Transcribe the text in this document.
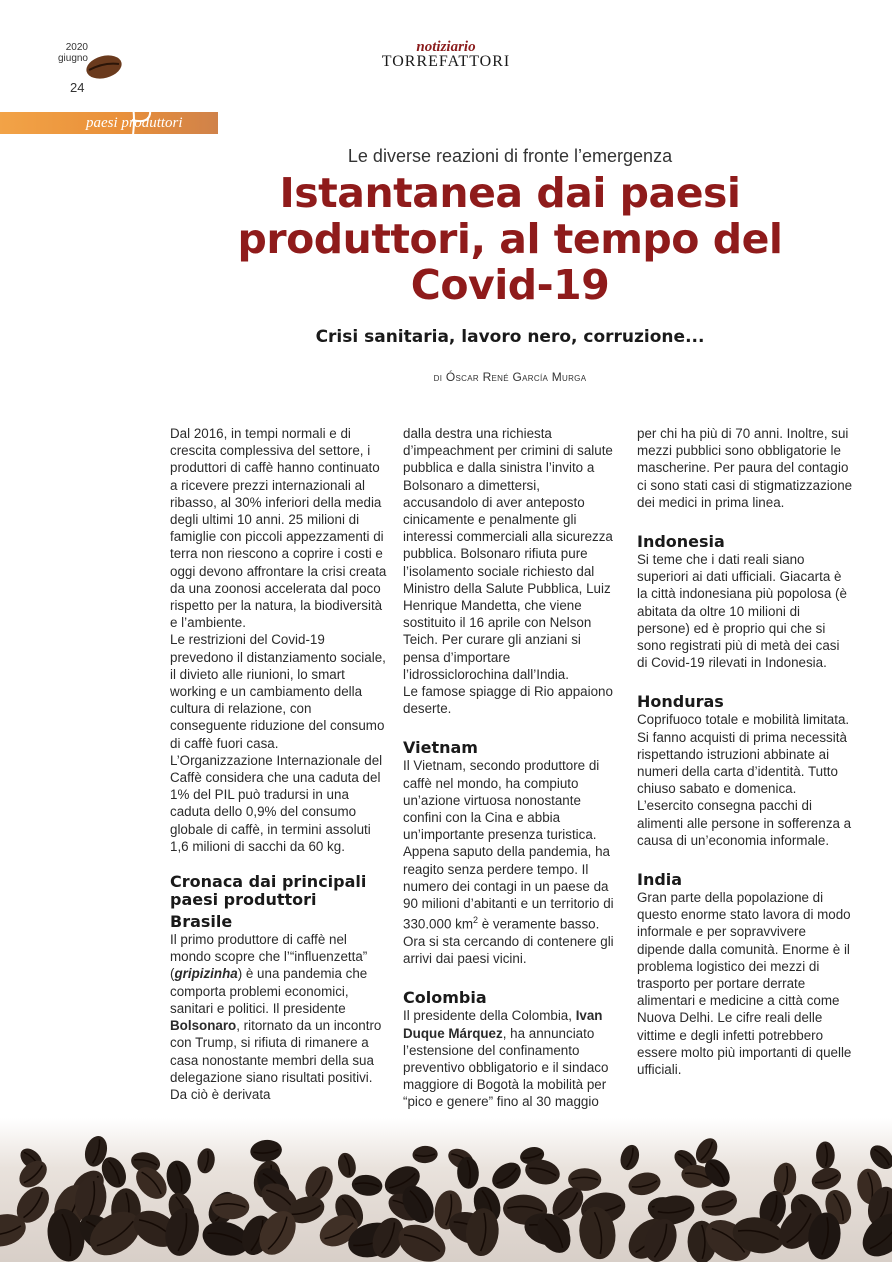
2020
giugno
24
notiziario
TORREFATTORI
paesi produttori
Le diverse reazioni di fronte l’emergenza
Istantanea dai paesi produttori, al tempo del Covid-19
Crisi sanitaria, lavoro nero, corruzione...
di Óscar René García Murga

Dal 2016, in tempi normali e di crescita complessiva del settore, i produttori di caffè hanno continuato a ricevere prezzi internazionali al ribasso, al 30% inferiori della media degli ultimi 10 anni. 25 milioni di famiglie con piccoli appezzamenti di terra non riescono a coprire i costi e oggi devono affrontare la crisi creata da una zoonosi accelerata dal poco rispetto per la natura, la biodiversità e l’ambiente.

Le restrizioni del Covid-19 prevedono il distanziamento sociale, il divieto alle riunioni, lo smart working e un cambiamento della cultura di relazione, con conseguente riduzione del consumo di caffè fuori casa.

L’Organizzazione Internazionale del Caffè considera che una caduta del 1% del PIL può tradursi in una caduta dello 0,9% del consumo globale di caffè, in termini assoluti 1,6 milioni di sacchi da 60 kg.

Cronaca dai principali paesi produttori
Brasile

Il primo produttore di caffè nel mondo scopre che l’“influenzetta” (gripizinha) è una pandemia che comporta problemi economici, sanitari e politici. Il presidente Bolsonaro, ritornato da un incontro con Trump, si rifiuta di rimanere a casa nonostante membri della sua delegazione siano risultati positivi. Da ciò è derivata

dalla destra una richiesta d’impeachment per crimini di salute pubblica e dalla sinistra l’invito a Bolsonaro a dimettersi, accusandolo di aver anteposto cinicamente e penalmente gli interessi commerciali alla sicurezza pubblica. Bolsonaro rifiuta pure l’isolamento sociale richiesto dal Ministro della Salute Pubblica, Luiz Henrique Mandetta, che viene sostituito il 16 aprile con Nelson Teich. Per curare gli anziani si pensa d’importare l’idrossiclorochina dall’India.

Le famose spiagge di Rio appaiono deserte.

Vietnam

Il Vietnam, secondo produttore di caffè nel mondo, ha compiuto un’azione virtuosa nonostante confini con la Cina e abbia un’importante presenza turistica. Appena saputo della pandemia, ha reagito senza perdere tempo. Il numero dei contagi in un paese da 90 milioni d’abitanti e un territorio di 330.000 $km^2$ è veramente basso. Ora si sta cercando di contenere gli arrivi dai paesi vicini.

Colombia

Il presidente della Colombia, Ivan Duque Márquez, ha annunciato l’estensione del confinamento preventivo obbligatorio e il sindaco maggiore di Bogotà la mobilità per “pico e genere” fino al 30 maggio

per chi ha più di 70 anni. Inoltre, sui mezzi pubblici sono obbligatorie le mascherine. Per paura del contagio ci sono stati casi di stigmatizzazione dei medici in prima linea.

Indonesia

Si teme che i dati reali siano superiori ai dati ufficiali. Giacarta è la città indonesiana più popolosa (è abitata da oltre 10 milioni di persone) ed è proprio qui che si sono registrati più di metà dei casi di Covid-19 rilevati in Indonesia.

Honduras

Coprifuoco totale e mobilità limitata. Si fanno acquisti di prima necessità rispettando istruzioni abbinate ai numeri della carta d’identità. Tutto chiuso sabato e domenica.

L’esercito consegna pacchi di alimenti alle persone in sofferenza a causa di un’economia informale.

India

Gran parte della popolazione di questo enorme stato lavora di modo informale e per sopravvivere dipende dalla comunità. Enorme è il problema logistico dei mezzi di trasporto per portare derrate alimentari e medicine a città come Nuova Delhi. Le cifre reali delle vittime e degli infetti potrebbero essere molto più importanti di quelle ufficiali.
